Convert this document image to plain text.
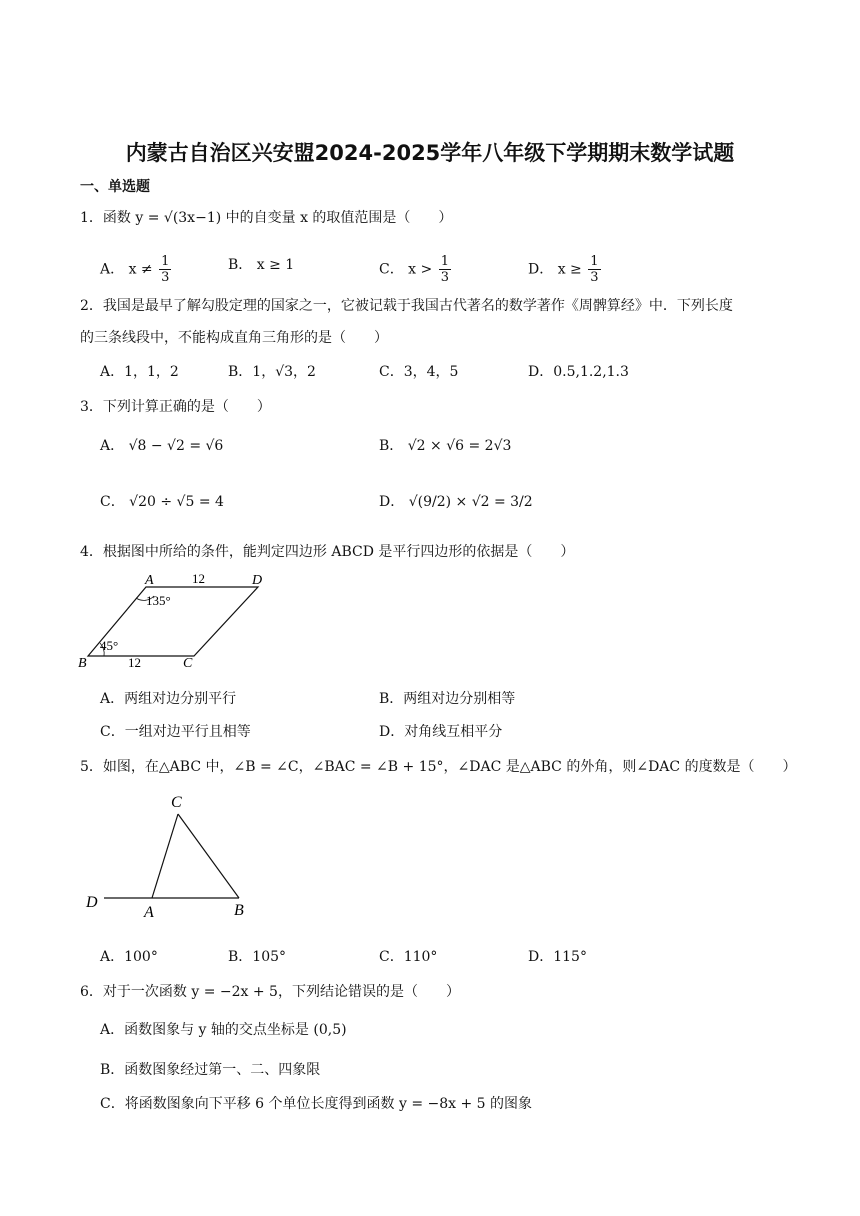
内蒙古自治区兴安盟2024-2025学年八年级下学期期末数学试题
一、单选题
1．函数 y = √(3x−1) 中的自变量 x 的取值范围是（　　）
A． $x \ne \frac{1}{3}$	B． x ≥ 1	C． $x > \frac{1}{3}$	D． $x \ge \frac{1}{3}$
2．我国是最早了解勾股定理的国家之一，它被记载于我国古代著名的数学著作《周髀算经》中．下列长度
的三条线段中，不能构成直角三角形的是（　　）
A．1，1，2	B．1，√3，2	C．3，4，5	D．0.5,1.2,1.3
3．下列计算正确的是（　　）
A． √8 − √2 = √6	B． √2 × √6 = 2√3
C． √20 ÷ √5 = 4	D． √(9/2) × √2 = 3/2
4．根据图中所给的条件，能判定四边形 ABCD 是平行四边形的依据是（　　）
A	D
B	C
12
12
135°
45°
A．两组对边分别平行	B．两组对边分别相等
C．一组对边平行且相等	D．对角线互相平分
5．如图，在△ABC 中，∠B = ∠C，∠BAC = ∠B + 15°，∠DAC 是△ABC 的外角，则∠DAC 的度数是（　　）
C
D
A	B
A．100°	B．105°	C．110°	D．115°
6．对于一次函数 y = −2x + 5，下列结论错误的是（　　）
A．函数图象与 y 轴的交点坐标是 (0,5)
B．函数图象经过第一、二、四象限
C．将函数图象向下平移 6 个单位长度得到函数 y = −8x + 5 的图象
